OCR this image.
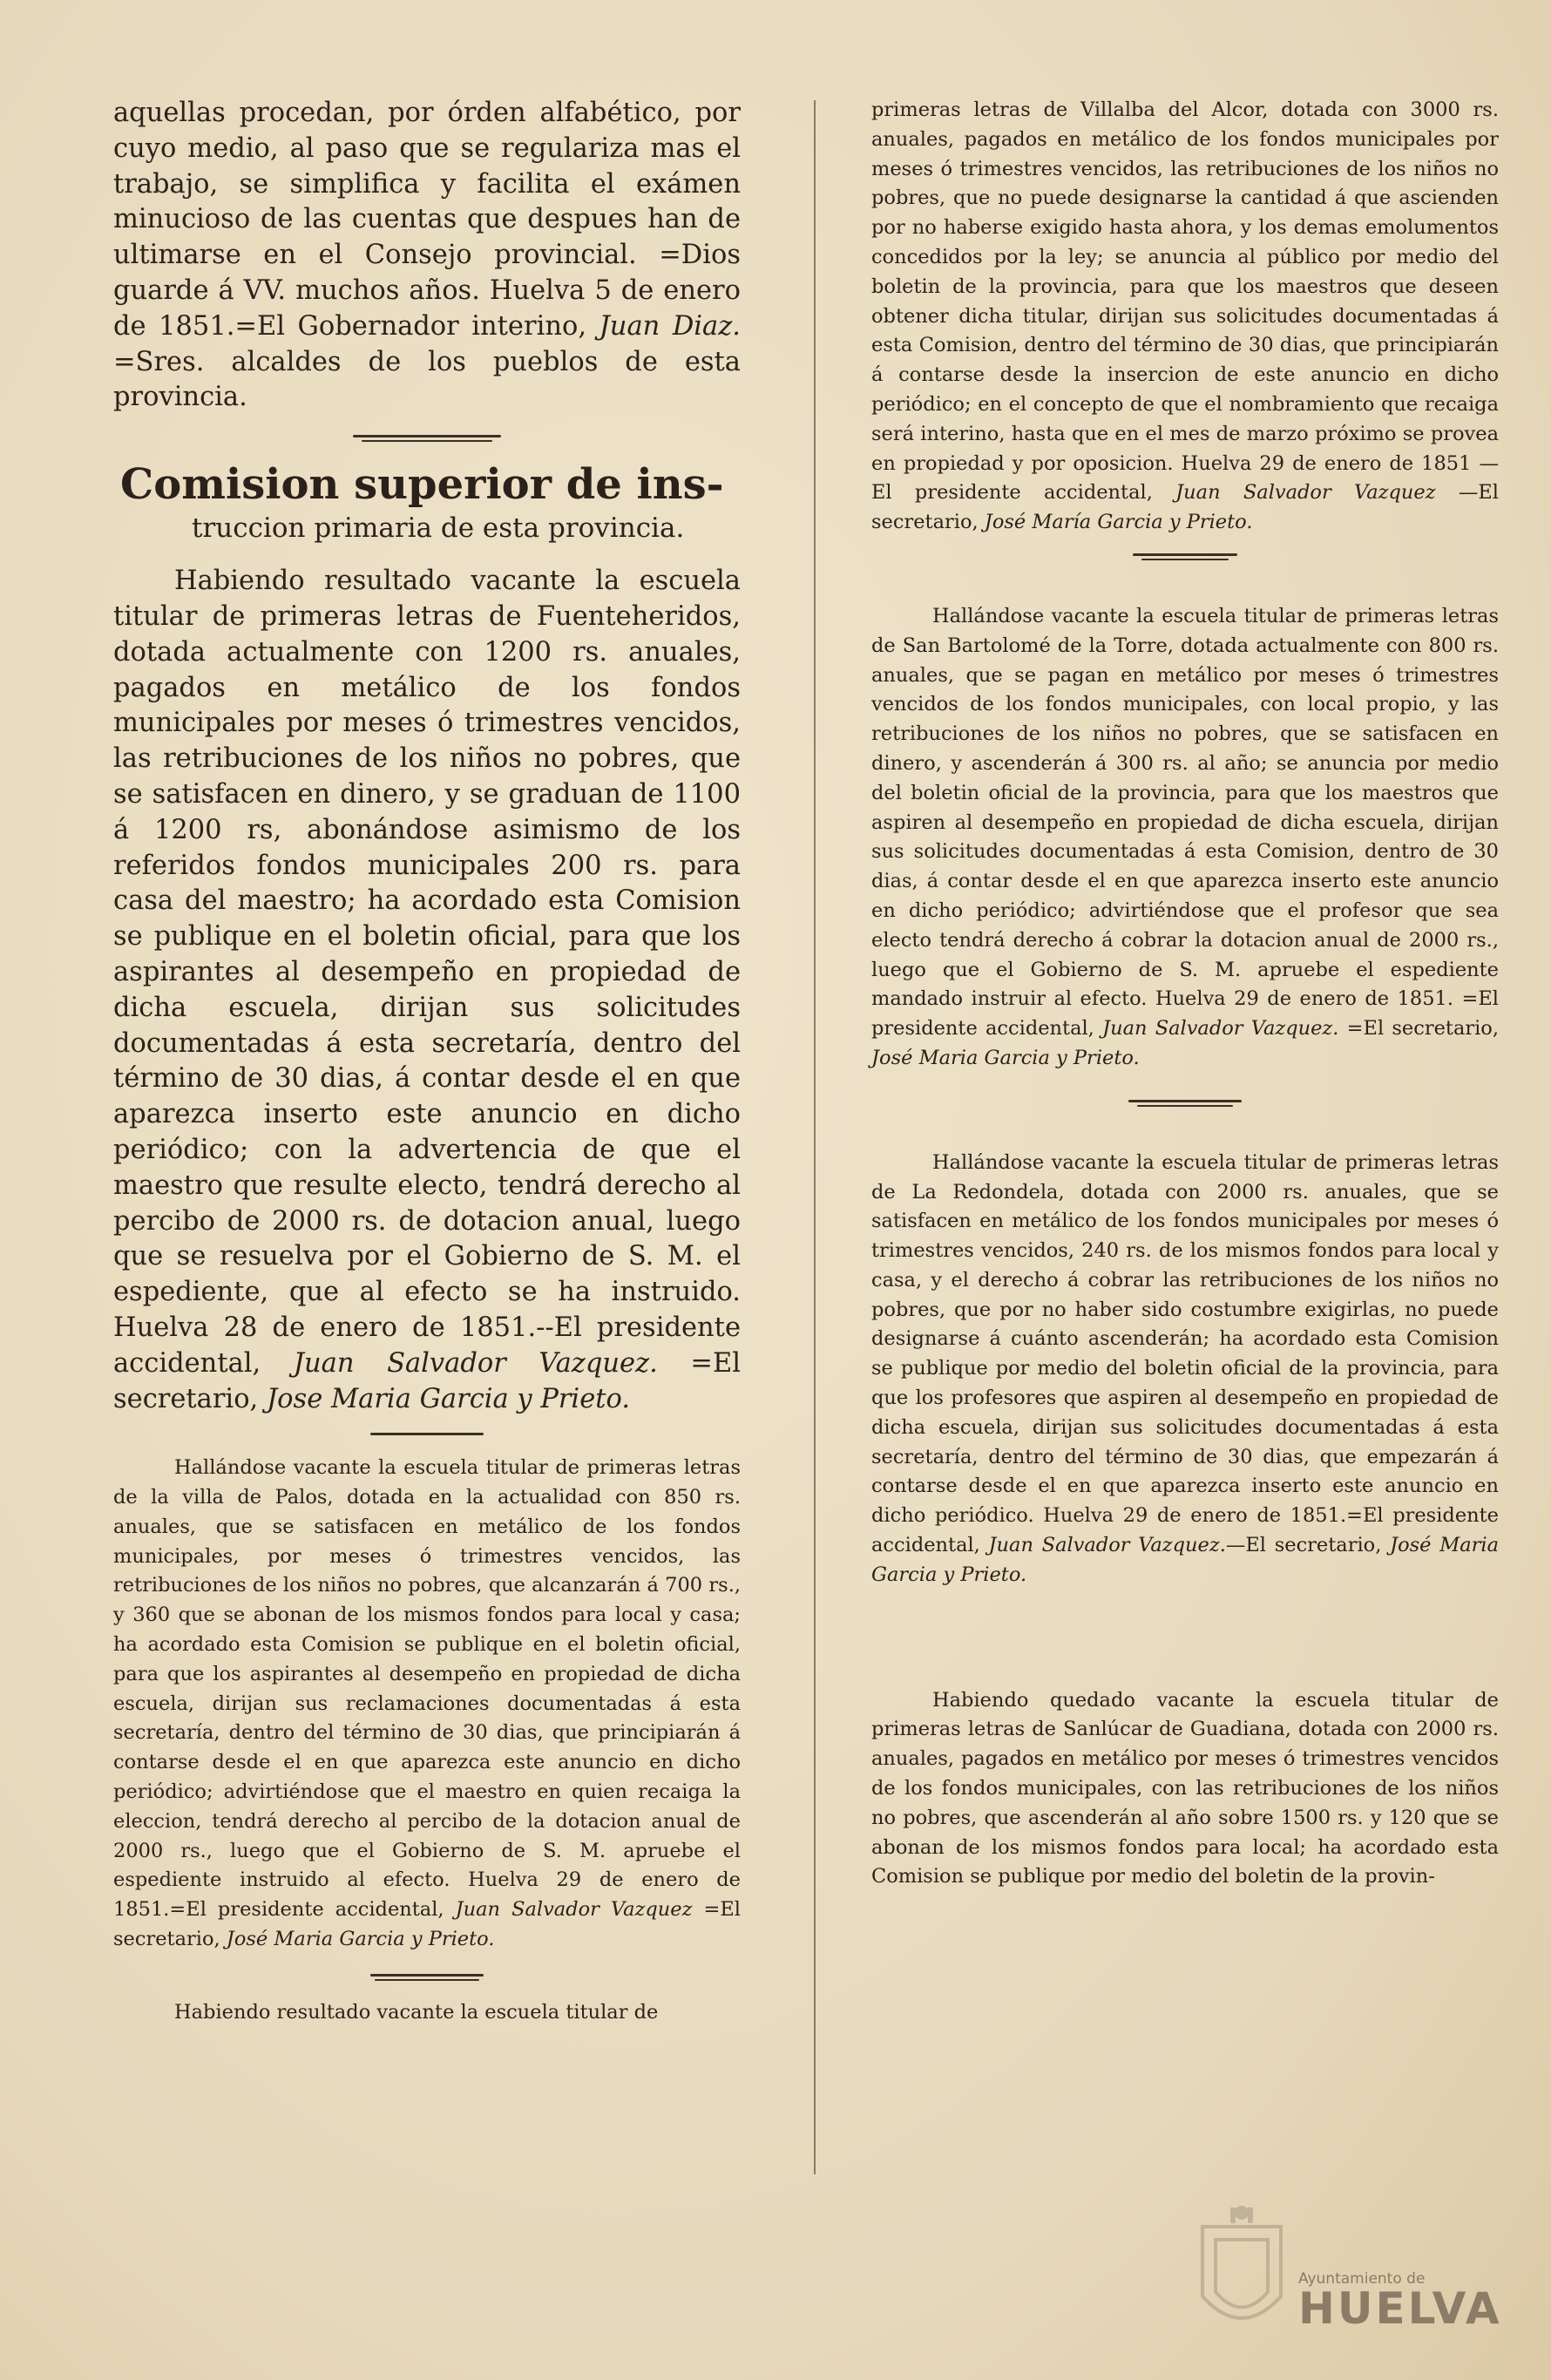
aquellas procedan, por órden alfabético, por cuyo medio, al paso que se regulariza mas el trabajo, se simplifica y facilita el exámen minucioso de las cuentas que despues han de ultimarse en el Consejo provincial. =Dios guarde á VV. muchos años. Huelva 5 de enero de 1851.=El Gobernador interino, Juan Diaz. =Sres. alcaldes de los pueblos de esta provincia.

Comision superior de ins-
truccion primaria de esta provincia.

Habiendo resultado vacante la escuela titular de primeras letras de Fuenteheridos, dotada actualmente con 1200 rs. anuales, pagados en metálico de los fondos municipales por meses ó trimestres vencidos, las retribuciones de los niños no pobres, que se satisfacen en dinero, y se graduan de 1100 á 1200 rs, abonándose asimismo de los referidos fondos municipales 200 rs. para casa del maestro; ha acordado esta Comision se publique en el boletin oficial, para que los aspirantes al desempeño en propiedad de dicha escuela, dirijan sus solicitudes documentadas á esta secretaría, dentro del término de 30 dias, á contar desde el en que aparezca inserto este anuncio en dicho periódico; con la advertencia de que el maestro que resulte electo, tendrá derecho al percibo de 2000 rs. de dotacion anual, luego que se resuelva por el Gobierno de S. M. el espediente, que al efecto se ha instruido. Huelva 28 de enero de 1851.--El presidente accidental, Juan Salvador Vazquez. =El secretario, Jose Maria Garcia y Prieto.

Hallándose vacante la escuela titular de primeras letras de la villa de Palos, dotada en la actualidad con 850 rs. anuales, que se satisfacen en metálico de los fondos municipales, por meses ó trimestres vencidos, las retribuciones de los niños no pobres, que alcanzarán á 700 rs., y 360 que se abonan de los mismos fondos para local y casa; ha acordado esta Comision se publique en el boletin oficial, para que los aspirantes al desempeño en propiedad de dicha escuela, dirijan sus reclamaciones documentadas á esta secretaría, dentro del término de 30 dias, que principiarán á contarse desde el en que aparezca este anuncio en dicho periódico; advirtiéndose que el maestro en quien recaiga la eleccion, tendrá derecho al percibo de la dotacion anual de 2000 rs., luego que el Gobierno de S. M. apruebe el espediente instruido al efecto. Huelva 29 de enero de 1851.=El presidente accidental, Juan Salvador Vazquez =El secretario, José Maria Garcia y Prieto.

Habiendo resultado vacante la escuela titular de

primeras letras de Villalba del Alcor, dotada con 3000 rs. anuales, pagados en metálico de los fondos municipales por meses ó trimestres vencidos, las retribuciones de los niños no pobres, que no puede designarse la cantidad á que ascienden por no haberse exigido hasta ahora, y los demas emolumentos concedidos por la ley; se anuncia al público por medio del boletin de la provincia, para que los maestros que deseen obtener dicha titular, dirijan sus solicitudes documentadas á esta Comision, dentro del término de 30 dias, que principiarán á contarse desde la insercion de este anuncio en dicho periódico; en el concepto de que el nombramiento que recaiga será interino, hasta que en el mes de marzo próximo se provea en propiedad y por oposicion. Huelva 29 de enero de 1851 —El presidente accidental, Juan Salvador Vazquez —El secretario, José María Garcia y Prieto.

Hallándose vacante la escuela titular de primeras letras de San Bartolomé de la Torre, dotada actualmente con 800 rs. anuales, que se pagan en metálico por meses ó trimestres vencidos de los fondos municipales, con local propio, y las retribuciones de los niños no pobres, que se satisfacen en dinero, y ascenderán á 300 rs. al año; se anuncia por medio del boletin oficial de la provincia, para que los maestros que aspiren al desempeño en propiedad de dicha escuela, dirijan sus solicitudes documentadas á esta Comision, dentro de 30 dias, á contar desde el en que aparezca inserto este anuncio en dicho periódico; advirtiéndose que el profesor que sea electo tendrá derecho á cobrar la dotacion anual de 2000 rs., luego que el Gobierno de S. M. apruebe el espediente mandado instruir al efecto. Huelva 29 de enero de 1851. =El presidente accidental, Juan Salvador Vazquez. =El secretario, José Maria Garcia y Prieto.

Hallándose vacante la escuela titular de primeras letras de La Redondela, dotada con 2000 rs. anuales, que se satisfacen en metálico de los fondos municipales por meses ó trimestres vencidos, 240 rs. de los mismos fondos para local y casa, y el derecho á cobrar las retribuciones de los niños no pobres, que por no haber sido costumbre exigirlas, no puede designarse á cuánto ascenderán; ha acordado esta Comision se publique por medio del boletin oficial de la provincia, para que los profesores que aspiren al desempeño en propiedad de dicha escuela, dirijan sus solicitudes documentadas á esta secretaría, dentro del término de 30 dias, que empezarán á contarse desde el en que aparezca inserto este anuncio en dicho periódico. Huelva 29 de enero de 1851.=El presidente accidental, Juan Salvador Vazquez.—El secretario, José Maria Garcia y Prieto.

Habiendo quedado vacante la escuela titular de primeras letras de Sanlúcar de Guadiana, dotada con 2000 rs. anuales, pagados en metálico por meses ó trimestres vencidos de los fondos municipales, con las retribuciones de los niños no pobres, que ascenderán al año sobre 1500 rs. y 120 que se abonan de los mismos fondos para local; ha acordado esta Comision se publique por medio del boletin de la provin-

Ayuntamiento de
HUELVA
